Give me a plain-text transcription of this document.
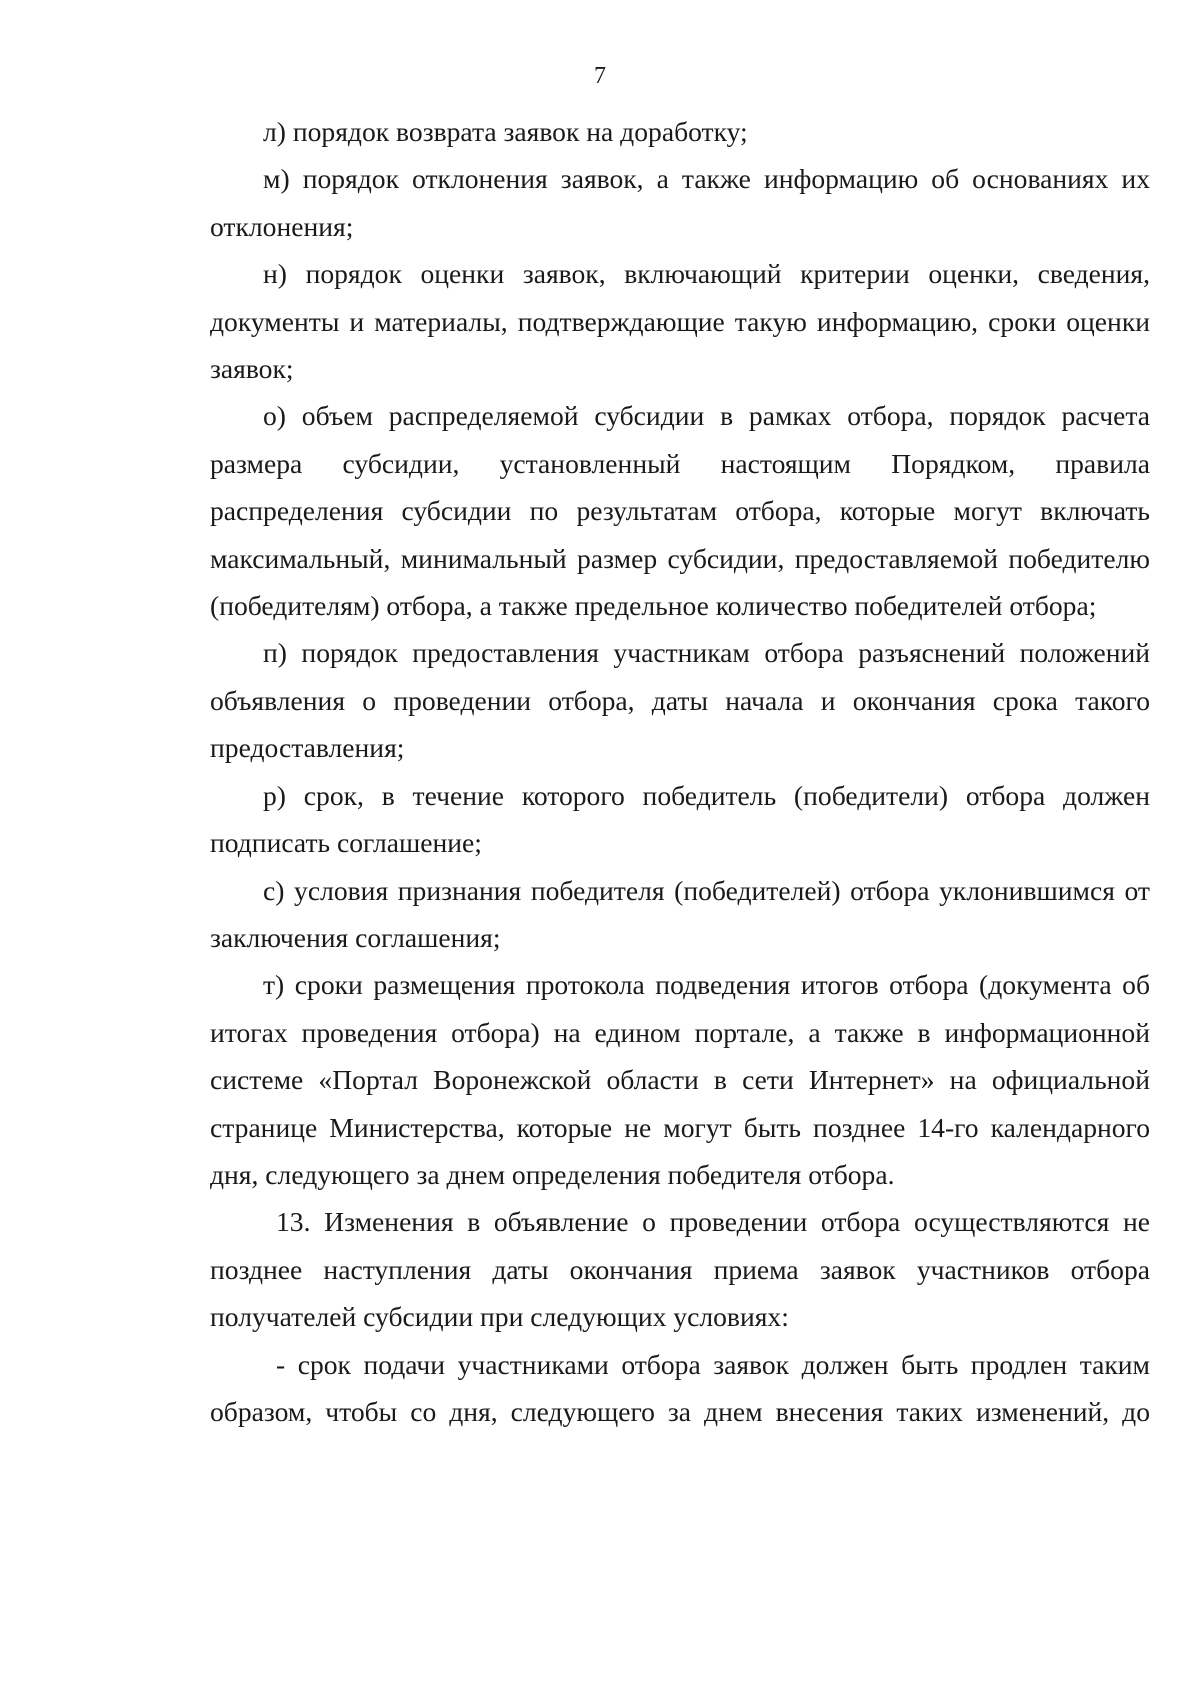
7

л) порядок возврата заявок на доработку;

м) порядок отклонения заявок, а также информацию об основаниях их отклонения;

н) порядок оценки заявок, включающий критерии оценки, сведения, документы и материалы, подтверждающие такую информацию, сроки оценки заявок;

о) объем распределяемой субсидии в рамках отбора, порядок расчета размера субсидии, установленный настоящим Порядком, правила распределения субсидии по результатам отбора, которые могут включать максимальный, минимальный размер субсидии, предоставляемой победителю (победителям) отбора, а также предельное количество победителей отбора;

п) порядок предоставления участникам отбора разъяснений положений объявления о проведении отбора, даты начала и окончания срока такого предоставления;

р) срок, в течение которого победитель (победители) отбора должен подписать соглашение;

с) условия признания победителя (победителей) отбора уклонившимся от заключения соглашения;

т) сроки размещения протокола подведения итогов отбора (документа об итогах проведения отбора) на едином портале, а также в информационной системе «Портал Воронежской области в сети Интернет» на официальной странице Министерства, которые не могут быть позднее 14-го календарного дня, следующего за днем определения победителя отбора.

13. Изменения в объявление о проведении отбора осуществляются не позднее наступления даты окончания приема заявок участников отбора получателей субсидии при следующих условиях:

- срок подачи участниками отбора заявок должен быть продлен таким образом, чтобы со дня, следующего за днем внесения таких изменений, до
